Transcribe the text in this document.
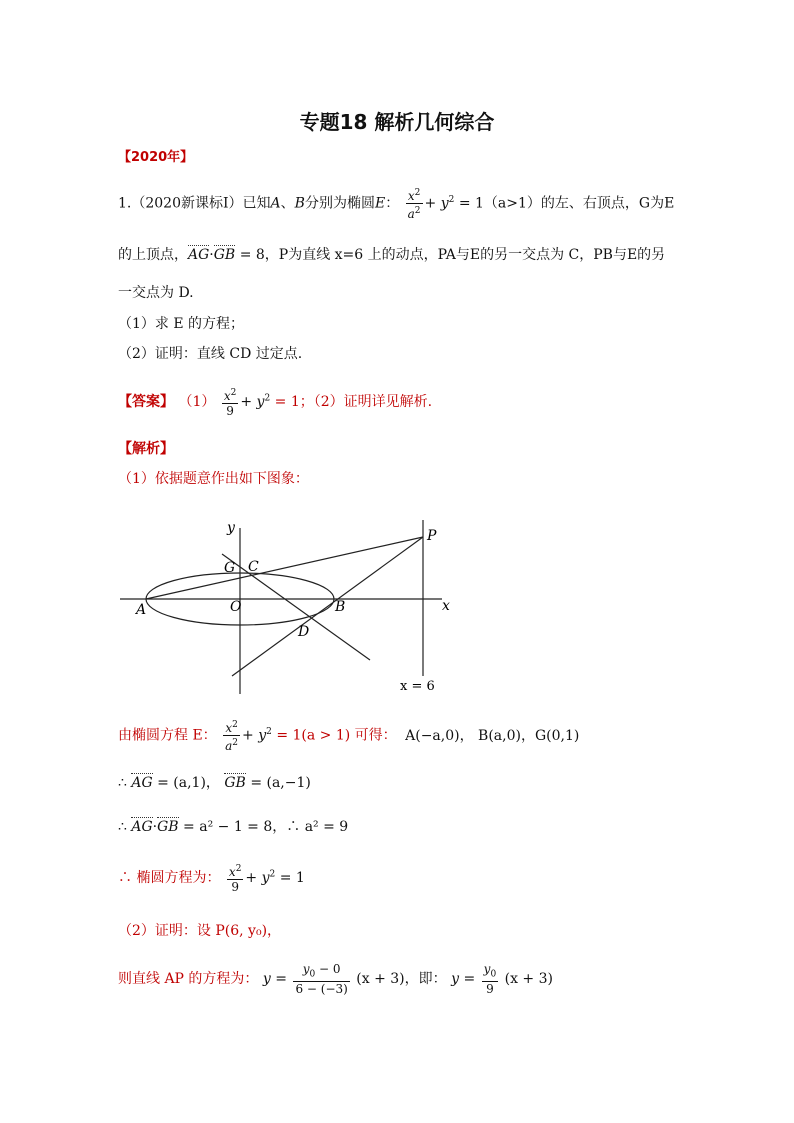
专题18 解析几何综合
【2020年】
1.（2020新课标Ⅰ）已知A、B分别为椭圆E： $\frac{x^2}{a^2} + y^2 = 1(a>1)$的左、右顶点，G为E
的上顶点，AG·GB = 8，P为直线 x=6 上的动点，PA与E的另一交点为 C，PB与E的另
一交点为 D.
（1）求 E 的方程；
（2）证明：直线 CD 过定点.
【答案】 $(1) \frac{x^2}{9} + y^2 = 1$；（2）证明详见解析.
【解析】
（1）依据题意作出如下图象：
y
x
P
G C
A	O	B
D
x = 6
由椭圆方程 E： $\frac{x^2}{a^2} + y^2 = 1(a > 1)$ 可得： A(−a,0)， B(a,0)，G(0,1)
∴ AG = (a,1)， GB = (a,−1)
∴ AG·GB = a² − 1 = 8，∴ a² = 9
∴ 椭圆方程为： $\frac{x^2}{9} + y^2 = 1$
（2）证明：设 P(6, y₀)，
则直线 AP 的方程为： $y = \frac{y_0 - 0}{6 - (-3)} (x + 3)$，即： $y = \frac{y_0}{9} (x + 3)$
